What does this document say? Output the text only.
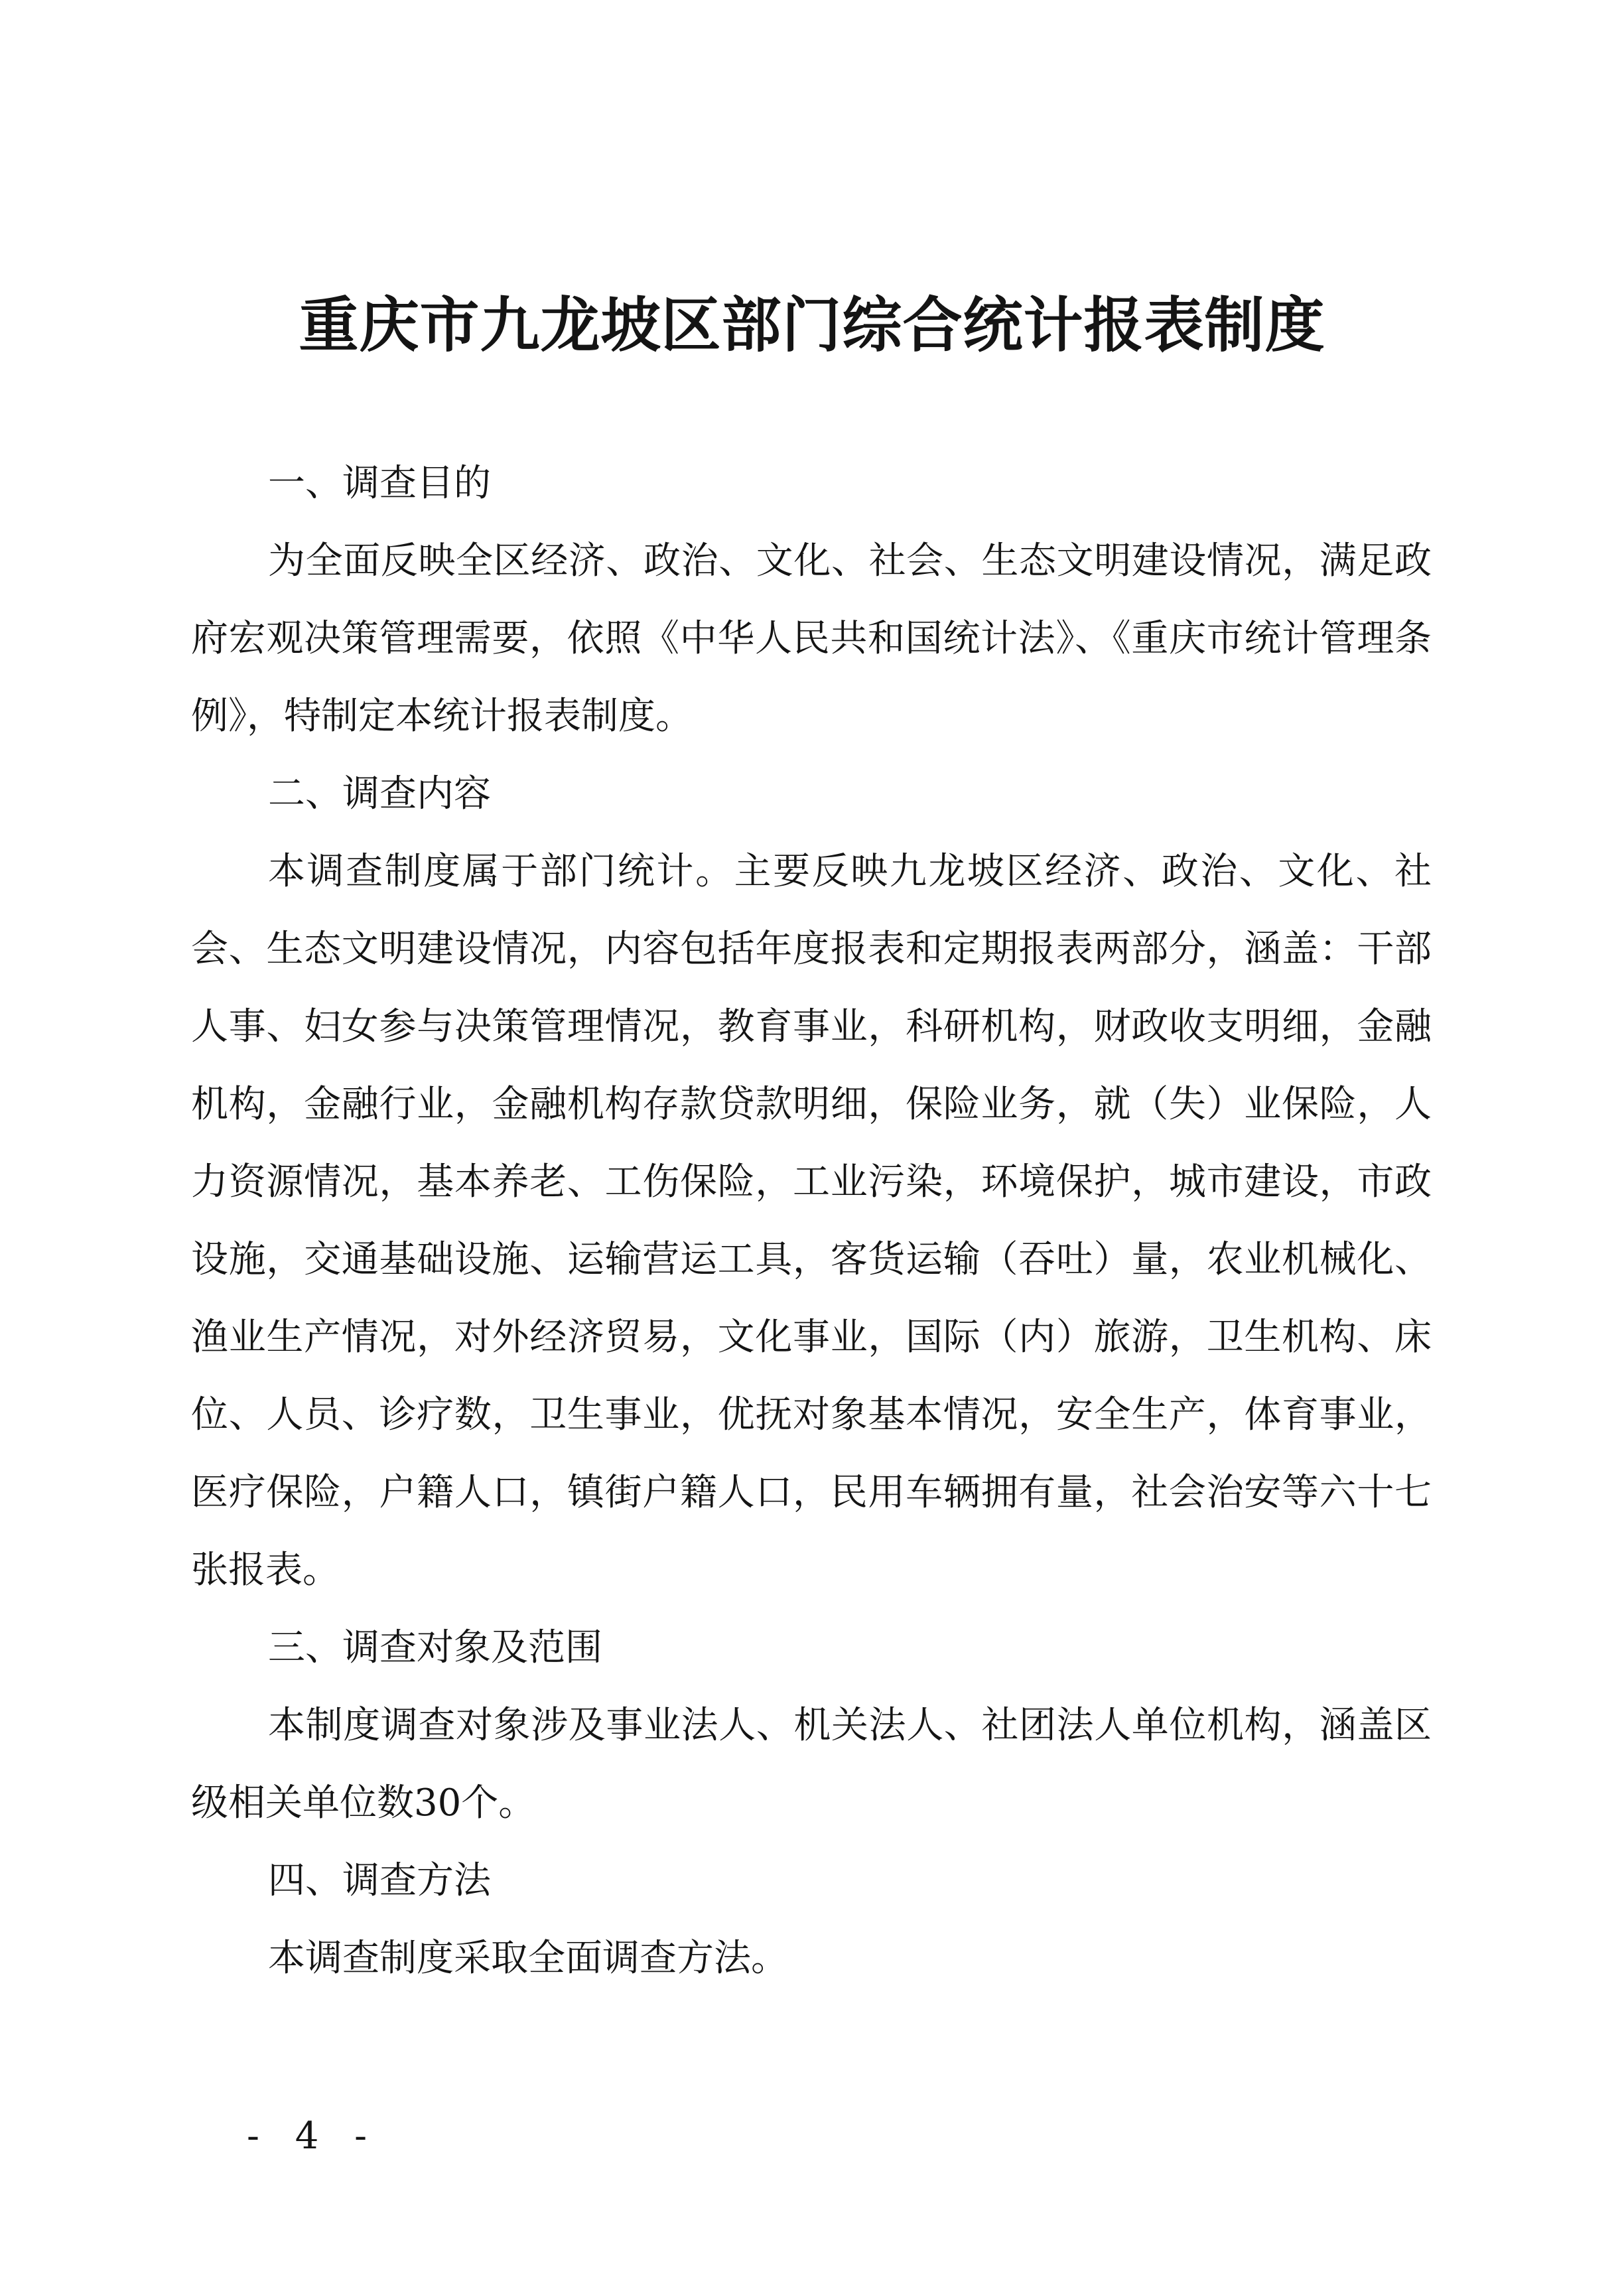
重庆市九龙坡区部门综合统计报表制度

一、调查目的

为全面反映全区经济、政治、文化、社会、生态文明建设情况，满足政府宏观决策管理需要，依照《中华人民共和国统计法》、《重庆市统计管理条例》，特制定本统计报表制度。

二、调查内容

本调查制度属于部门统计。主要反映九龙坡区经济、政治、文化、社会、生态文明建设情况，内容包括年度报表和定期报表两部分，涵盖：干部人事、妇女参与决策管理情况，教育事业，科研机构，财政收支明细，金融机构，金融行业，金融机构存款贷款明细，保险业务，就（失）业保险，人力资源情况，基本养老、工伤保险，工业污染，环境保护，城市建设，市政设施，交通基础设施、运输营运工具，客货运输（吞吐）量，农业机械化、渔业生产情况，对外经济贸易，文化事业，国际（内）旅游，卫生机构、床位、人员、诊疗数，卫生事业，优抚对象基本情况，安全生产，体育事业，医疗保险，户籍人口，镇街户籍人口，民用车辆拥有量，社会治安等六十七张报表。

三、调查对象及范围

本制度调查对象涉及事业法人、机关法人、社团法人单位机构，涵盖区级相关单位数30个。

四、调查方法

本调查制度采取全面调查方法。

- 4 -
